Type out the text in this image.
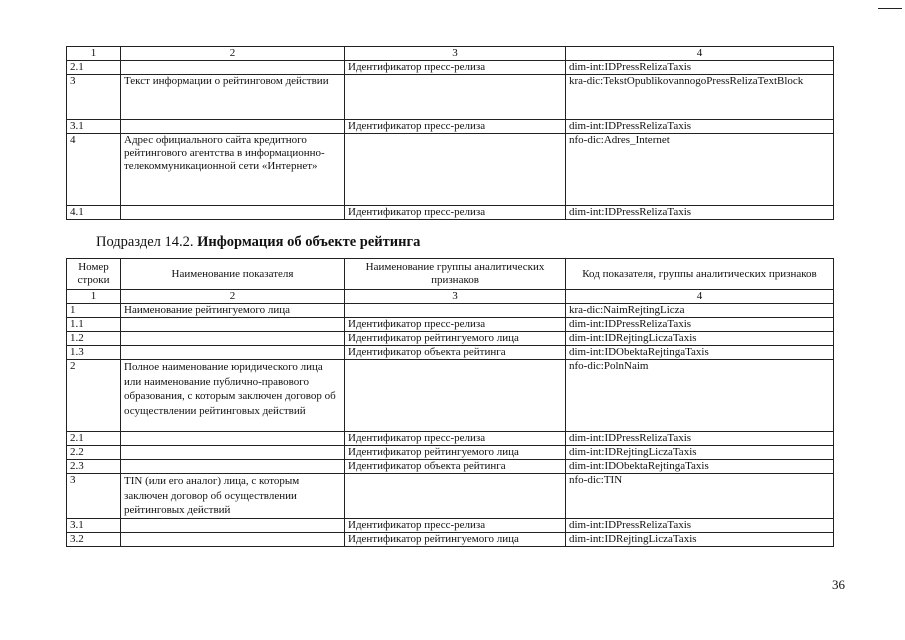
1	2	3	4
2.1		Идентификатор пресс-релиза	dim-int:IDPressRelizaTaxis
3	Текст информации о рейтинговом действии		kra-dic:TekstOpublikovannogoPressRelizaTextBlock
3.1		Идентификатор пресс-релиза	dim-int:IDPressRelizaTaxis
4	Адрес официального сайта кредитного рейтингового агентства в информационно-телекоммуникационной сети «Интернет»		nfo-dic:Adres_Internet
4.1		Идентификатор пресс-релиза	dim-int:IDPressRelizaTaxis
Подраздел 14.2. Информация об объекте рейтинга
Номер строки	Наименование показателя	Наименование группы аналитических признаков	Код показателя, группы аналитических признаков
1	2	3	4
1	Наименование рейтингуемого лица		kra-dic:NaimRejtingLicza
1.1		Идентификатор пресс-релиза	dim-int:IDPressRelizaTaxis
1.2		Идентификатор рейтингуемого лица	dim-int:IDRejtingLiczaTaxis
1.3		Идентификатор объекта рейтинга	dim-int:IDObektaRejtingaTaxis
2	Полное наименование юридического лица или наименование публично-правового образования, с которым заключен договор об осуществлении рейтинговых действий		nfo-dic:PolnNaim
2.1		Идентификатор пресс-релиза	dim-int:IDPressRelizaTaxis
2.2		Идентификатор рейтингуемого лица	dim-int:IDRejtingLiczaTaxis
2.3		Идентификатор объекта рейтинга	dim-int:IDObektaRejtingaTaxis
3	TIN (или его аналог) лица, с которым заключен договор об осуществлении рейтинговых действий		nfo-dic:TIN
3.1		Идентификатор пресс-релиза	dim-int:IDPressRelizaTaxis
3.2		Идентификатор рейтингуемого лица	dim-int:IDRejtingLiczaTaxis
36
